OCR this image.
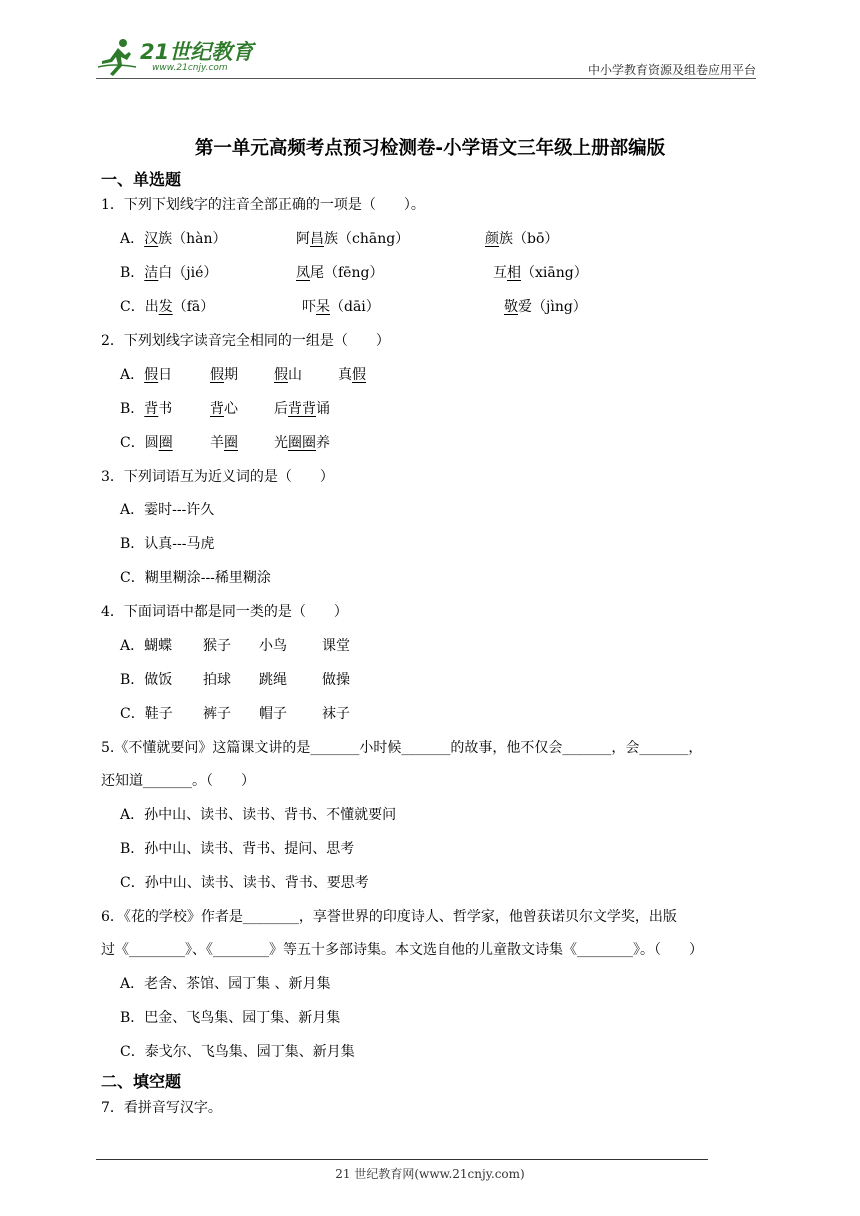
21世纪教育
www.21cnjy.com	中小学教育资源及组卷应用平台
第一单元高频考点预习检测卷-小学语文三年级上册部编版
一、单选题
1．下列下划线字的注音全部正确的一项是（　　）。
A．汉族（hàn）	阿昌族（chāng）	颜族（bō）
B．洁白（jié）	凤尾（fēng）	互相（xiāng）
C．出发（fā）	吓呆（dāi）	敬爱（jìng）
2．下列划线字读音完全相同的一组是（　　）
A．假日	假期	假山	真假
B．背书	背心	后背背诵
C．圆圈	羊圈	光圈圈养
3．下列词语互为近义词的是（　　）
A．霎时---许久
B．认真---马虎
C．糊里糊涂---稀里糊涂
4．下面词语中都是同一类的是（　　）
A．蝴蝶 猴子 小鸟	课堂
B．做饭 拍球 跳绳	做操
C．鞋子 裤子 帽子	袜子
5.《不懂就要问》这篇课文讲的是_______小时候_______的故事，他不仅会_______，会_______，
还知道_______。（　　）
A．孙中山、读书、读书、背书、不懂就要问
B．孙中山、读书、背书、提问、思考
C．孙中山、读书、读书、背书、要思考
6．《花的学校》作者是________，享誉世界的印度诗人、哲学家，他曾获诺贝尔文学奖，出版
过《________》、《________》等五十多部诗集。本文选自他的儿童散文诗集《________》。（　　）
A．老舍、茶馆、园丁集 、新月集
B．巴金、飞鸟集、园丁集、新月集
C．泰戈尔、飞鸟集、园丁集、新月集
二、填空题
7．看拼音写汉字。
21 世纪教育网(www.21cnjy.com)
